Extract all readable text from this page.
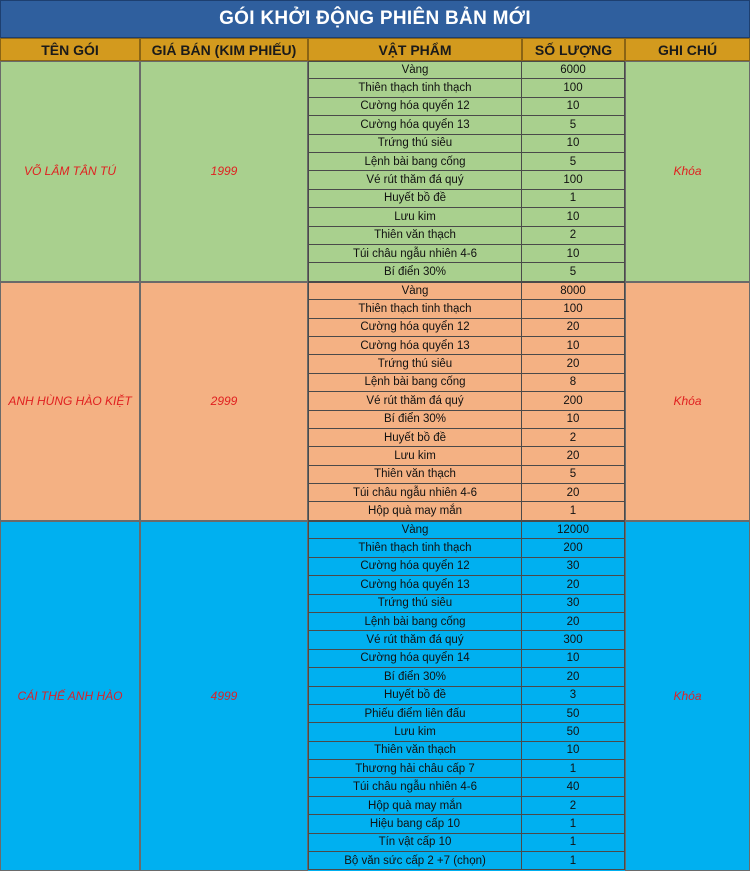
GÓI KHỞI ĐỘNG PHIÊN BẢN MỚI
TÊN GÓI	GIÁ BÁN (KIM PHIẾU)	VẬT PHẨM	SỐ LƯỢNG	GHI CHÚ
VÕ LÂM TÂN TÚ	1999
Vàng	6000
Thiên thạch tinh thạch	100
Cường hóa quyển 12	10
Cường hóa quyển 13	5
Trứng thú siêu	10
Lệnh bài bang cống	5
Vé rút thăm đá quý	100
Huyết bồ đề	1
Lưu kim	10
Thiên văn thạch	2
Túi châu ngẫu nhiên 4-6	10
Bí điển 30%	5
Khóa
ANH HÙNG HÀO KIỆT	2999
Vàng	8000
Thiên thạch tinh thạch	100
Cường hóa quyển 12	20
Cường hóa quyển 13	10
Trứng thú siêu	20
Lệnh bài bang cống	8
Vé rút thăm đá quý	200
Bí điển 30%	10
Huyết bồ đề	2
Lưu kim	20
Thiên văn thạch	5
Túi châu ngẫu nhiên 4-6	20
Hộp quà may mắn	1
Khóa
CÁI THẾ ANH HÀO	4999
Vàng	12000
Thiên thạch tinh thạch	200
Cường hóa quyển 12	30
Cường hóa quyển 13	20
Trứng thú siêu	30
Lệnh bài bang cống	20
Vé rút thăm đá quý	300
Cường hóa quyển 14	10
Bí điển 30%	20
Huyết bồ đề	3
Phiếu điểm liên đấu	50
Lưu kim	50
Thiên văn thạch	10
Thương hải châu cấp 7	1
Túi châu ngẫu nhiên 4-6	40
Hộp quà may mắn	2
Hiệu bang cấp 10	1
Tín vật cấp 10	1
Bộ văn sức cấp 2 +7 (chọn)	1
Khóa
